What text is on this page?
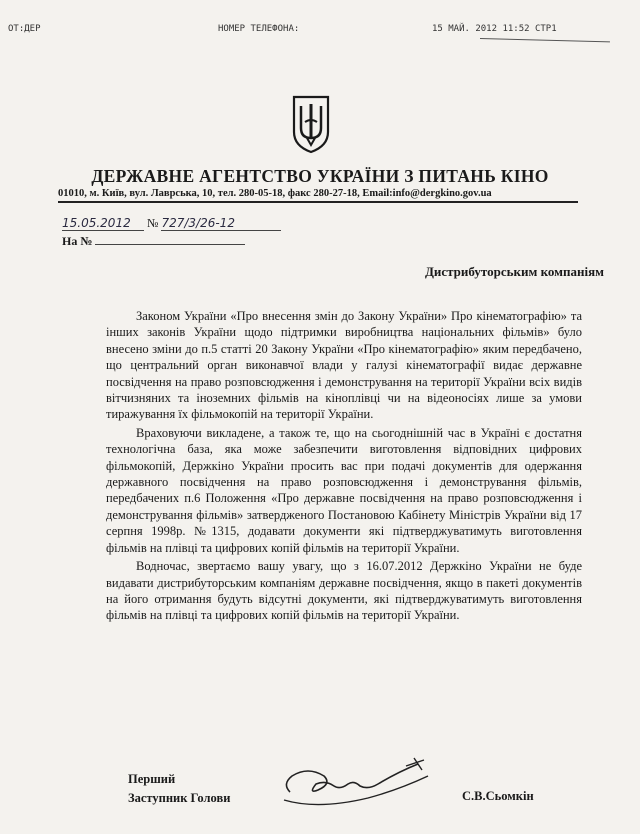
ОТ:ДЕР	НОМЕР ТЕЛЕФОНА:	15 МАЙ. 2012 11:52 СТР1
ДЕРЖАВНЕ АГЕНТСТВО УКРАЇНИ З ПИТАНЬ КІНО
01010, м. Київ, вул. Лаврська, 10, тел. 280-05-18, факс 280-27-18, Email:info@dergkino.gov.ua
15.05.2012 № 727/3/26-12
На №
Дистрибуторським компаніям

Законом України «Про внесення змін до Закону України» Про кінематографію» та інших законів України щодо підтримки виробництва національних фільмів» було внесено зміни до п.5 статті 20 Закону України «Про кінематографію» яким передбачено, що центральний орган виконавчої влади у галузі кінематографії видає державне посвідчення на право розповсюдження і демонстрування на території України всіх видів вітчизняних та іноземних фільмів на кіноплівці чи на відеоносіях лише за умови тиражування їх фільмокопій на території України.

Враховуючи викладене, а також те, що на сьогоднішній час в Україні є достатня технологічна база, яка може забезпечити виготовлення відповідних цифрових фільмокопій, Держкіно України просить вас при подачі документів для одержання державного посвідчення на право розповсюдження і демонстрування фільмів, передбачених п.6 Положення «Про державне посвідчення на право розповсюдження і демонстрування фільмів» затвердженого Постановою Кабінету Міністрів України від 17 серпня 1998р. №1315, додавати документи які підтверджуватимуть виготовлення фільмів на плівці та цифрових копій фільмів на території України.

Водночас, звертаємо вашу увагу, що з 16.07.2012 Держкіно України не буде видавати дистрибуторським компаніям державне посвідчення, якщо в пакеті документів на його отримання будуть відсутні документи, які підтверджуватимуть виготовлення фільмів на плівці та цифрових копій фільмів на території України.

Перший
Заступник Голови	С.В.Сьомкін
